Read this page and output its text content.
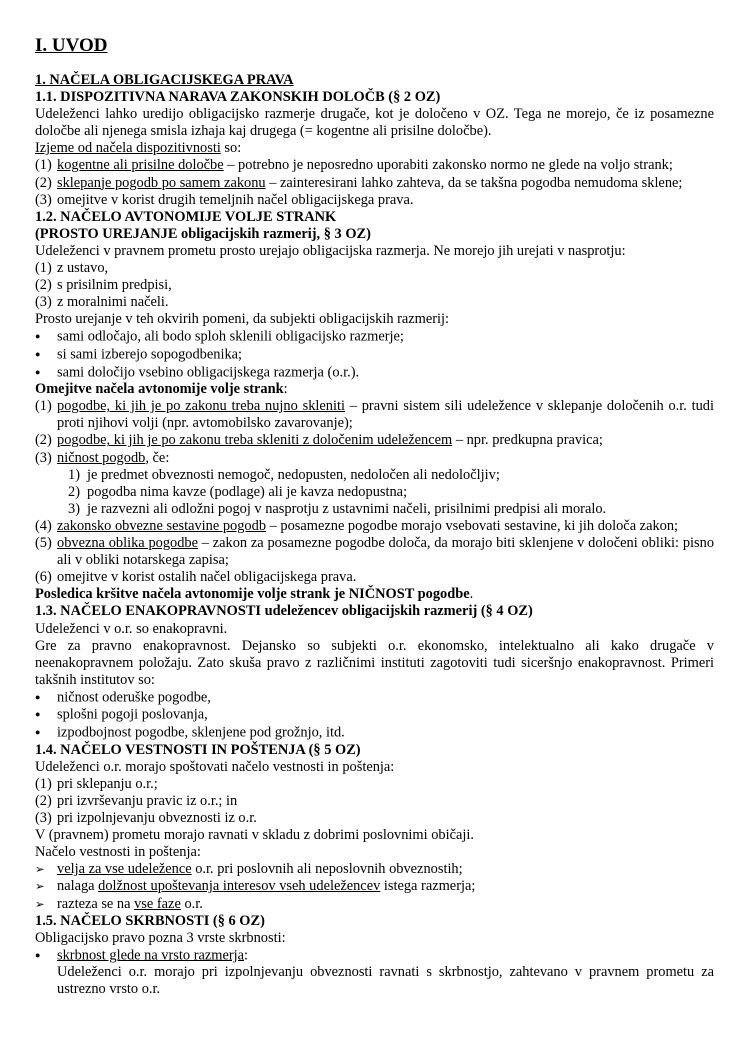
I. UVOD
1. NAČELA OBLIGACIJSKEGA PRAVA
1.1. DISPOZITIVNA NARAVA ZAKONSKIH DOLOČB (§ 2 OZ)
Udeleženci lahko uredijo obligacijsko razmerje drugače, kot je določeno v OZ. Tega ne morejo, če iz posamezne določbe ali njenega smisla izhaja kaj drugega (= kogentne ali prisilne določbe).
Izjeme od načela dispozitivnosti so:
(1) kogentne ali prisilne določbe – potrebno je neposredno uporabiti zakonsko normo ne glede na voljo strank;
(2) sklepanje pogodb po samem zakonu – zainteresirani lahko zahteva, da se takšna pogodba nemudoma sklene;
(3) omejitve v korist drugih temeljnih načel obligacijskega prava.
1.2. NAČELO AVTONOMIJE VOLJE STRANK
(PROSTO UREJANJE obligacijskih razmerij, § 3 OZ)
Udeleženci v pravnem prometu prosto urejajo obligacijska razmerja. Ne morejo jih urejati v nasprotju:
(1) z ustavo,
(2) s prisilnim predpisi,
(3) z moralnimi načeli.
Prosto urejanje v teh okvirih pomeni, da subjekti obligacijskih razmerij:
● sami odločajo, ali bodo sploh sklenili obligacijsko razmerje;
● si sami izberejo sopogodbenika;
● sami določijo vsebino obligacijskega razmerja (o.r.).
Omejitve načela avtonomije volje strank:
(1) pogodbe, ki jih je po zakonu treba nujno skleniti – pravni sistem sili udeležence v sklepanje določenih o.r. tudi proti njihovi volji (npr. avtomobilsko zavarovanje);
(2) pogodbe, ki jih je po zakonu treba skleniti z določenim udeležencem – npr. predkupna pravica;
(3) ničnost pogodb, če:
1) je predmet obveznosti nemogoč, nedopusten, nedoločen ali nedoločljiv;
2) pogodba nima kavze (podlage) ali je kavza nedopustna;
3) je razvezni ali odložni pogoj v nasprotju z ustavnimi načeli, prisilnimi predpisi ali moralo.
(4) zakonsko obvezne sestavine pogodb – posamezne pogodbe morajo vsebovati sestavine, ki jih določa zakon;
(5) obvezna oblika pogodbe – zakon za posamezne pogodbe določa, da morajo biti sklenjene v določeni obliki: pisno ali v obliki notarskega zapisa;
(6) omejitve v korist ostalih načel obligacijskega prava.
Posledica kršitve načela avtonomije volje strank je NIČNOST pogodbe.
1.3. NAČELO ENAKOPRAVNOSTI udeležencev obligacijskih razmerij (§ 4 OZ)
Udeleženci v o.r. so enakopravni.
Gre za pravno enakopravnost. Dejansko so subjekti o.r. ekonomsko, intelektualno ali kako drugače v neenakopravnem položaju. Zato skuša pravo z različnimi instituti zagotoviti tudi siceršnjo enakopravnost. Primeri takšnih institutov so:
● ničnost oderuške pogodbe,
● splošni pogoji poslovanja,
● izpodbojnost pogodbe, sklenjene pod grožnjo, itd.
1.4. NAČELO VESTNOSTI IN POŠTENJA (§ 5 OZ)
Udeleženci o.r. morajo spoštovati načelo vestnosti in poštenja:
(1) pri sklepanju o.r.;
(2) pri izvrševanju pravic iz o.r.; in
(3) pri izpolnjevanju obveznosti iz o.r.
V (pravnem) prometu morajo ravnati v skladu z dobrimi poslovnimi običaji.
Načelo vestnosti in poštenja:
➢ velja za vse udeležence o.r. pri poslovnih ali neposlovnih obveznostih;
➢ nalaga dolžnost upoštevanja interesov vseh udeležencev istega razmerja;
➢ razteza se na vse faze o.r.
1.5. NAČELO SKRBNOSTI (§ 6 OZ)
Obligacijsko pravo pozna 3 vrste skrbnosti:
● skrbnost glede na vrsto razmerja:
Udeleženci o.r. morajo pri izpolnjevanju obveznosti ravnati s skrbnostjo, zahtevano v pravnem prometu za ustrezno vrsto o.r.
